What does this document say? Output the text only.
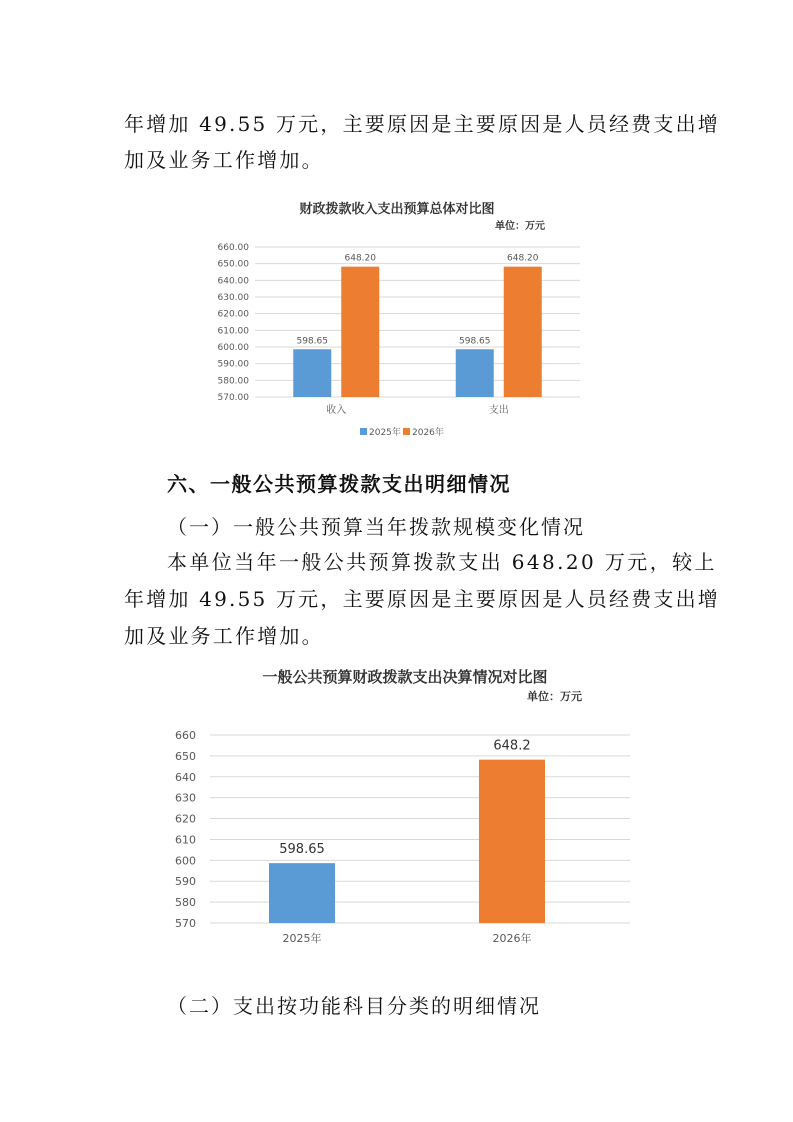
年增加 49.55 万元，主要原因是主要原因是人员经费支出增

加及业务工作增加。

财政拨款收入支出预算总体对比图
单位：万元
570.00
580.00
590.00
600.00
610.00
620.00
630.00
640.00
650.00
660.00
598.65
648.20
598.65
648.20
收入	支出
2025年 2026年

六、一般公共预算拨款支出明细情况

（一）一般公共预算当年拨款规模变化情况

本单位当年一般公共预算拨款支出 648.20 万元，较上

年增加 49.55 万元，主要原因是主要原因是人员经费支出增

加及业务工作增加。

一般公共预算财政拨款支出决算情况对比图
单位：万元
570
580
590
600
610
620
630
640
650
660
598.65
648.2
2025年	2026年

（二）支出按功能科目分类的明细情况
